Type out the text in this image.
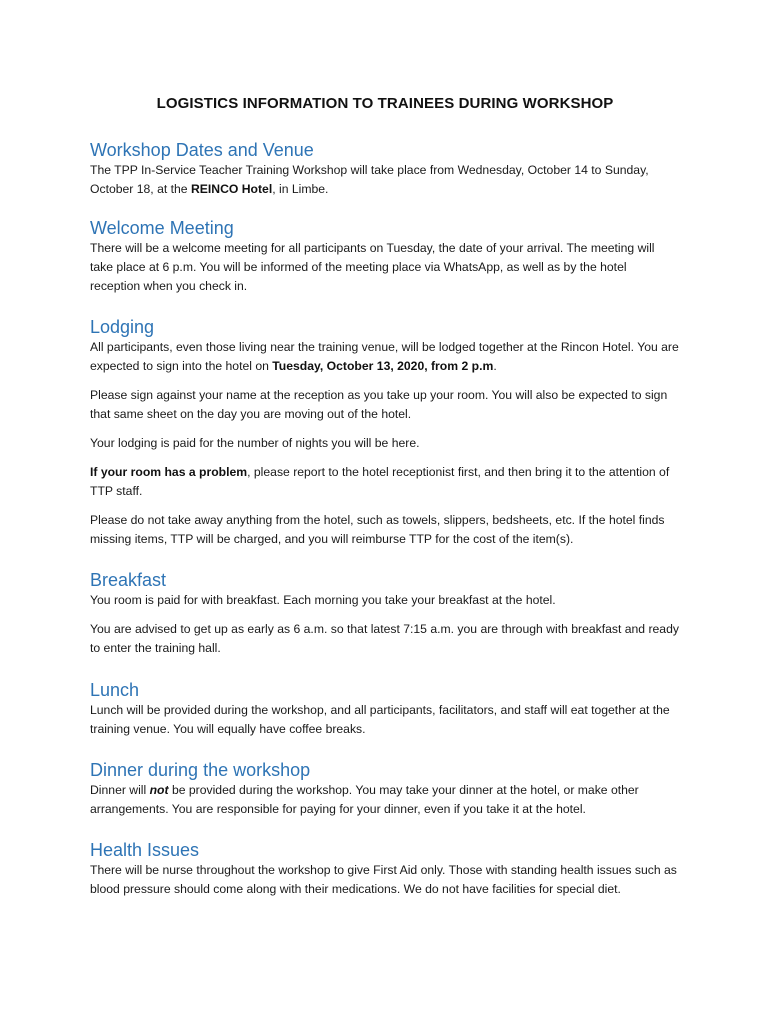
LOGISTICS INFORMATION TO TRAINEES DURING WORKSHOP
Workshop Dates and Venue

The TPP In-Service Teacher Training Workshop will take place from Wednesday, October 14 to Sunday, October 18, at the REINCO Hotel, in Limbe.

Welcome Meeting

There will be a welcome meeting for all participants on Tuesday, the date of your arrival. The meeting will take place at 6 p.m. You will be informed of the meeting place via WhatsApp, as well as by the hotel reception when you check in.

Lodging

All participants, even those living near the training venue, will be lodged together at the Rincon Hotel. You are expected to sign into the hotel on Tuesday, October 13, 2020, from 2 p.m.

Please sign against your name at the reception as you take up your room. You will also be expected to sign that same sheet on the day you are moving out of the hotel.

Your lodging is paid for the number of nights you will be here.

If your room has a problem, please report to the hotel receptionist first, and then bring it to the attention of TTP staff.

Please do not take away anything from the hotel, such as towels, slippers, bedsheets, etc. If the hotel finds missing items, TTP will be charged, and you will reimburse TTP for the cost of the item(s).

Breakfast

You room is paid for with breakfast. Each morning you take your breakfast at the hotel.

You are advised to get up as early as 6 a.m. so that latest 7:15 a.m. you are through with breakfast and ready to enter the training hall.

Lunch

Lunch will be provided during the workshop, and all participants, facilitators, and staff will eat together at the training venue. You will equally have coffee breaks.

Dinner during the workshop

Dinner will not be provided during the workshop. You may take your dinner at the hotel, or make other arrangements. You are responsible for paying for your dinner, even if you take it at the hotel.

Health Issues

There will be nurse throughout the workshop to give First Aid only. Those with standing health issues such as blood pressure should come along with their medications. We do not have facilities for special diet.
